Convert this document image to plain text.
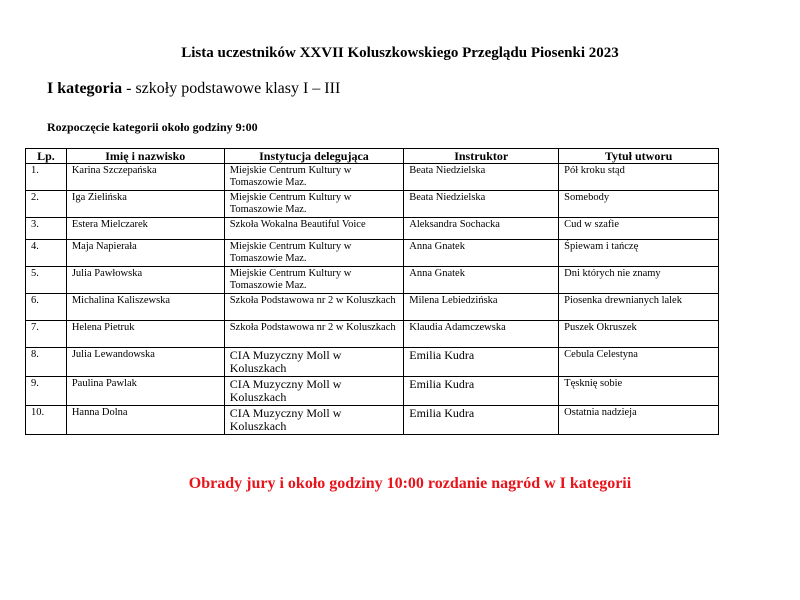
Lista uczestników XXVII Koluszkowskiego Przeglądu Piosenki 2023
I kategoria - szkoły podstawowe klasy I – III
Rozpoczęcie kategorii około godziny 9:00
Lp.	Imię i nazwisko	Instytucja delegująca	Instruktor	Tytuł utworu
1.	Karina Szczepańska	Miejskie Centrum Kultury w Tomaszowie Maz.	Beata Niedzielska	Pół kroku stąd
2.	Iga Zielińska	Miejskie Centrum Kultury w Tomaszowie Maz.	Beata Niedzielska	Somebody
3.	Estera Mielczarek	Szkoła Wokalna Beautiful Voice	Aleksandra Sochacka	Cud w szafie
4.	Maja Napierała	Miejskie Centrum Kultury w Tomaszowie Maz.	Anna Gnatek	Śpiewam i tańczę
5.	Julia Pawłowska	Miejskie Centrum Kultury w Tomaszowie Maz.	Anna Gnatek	Dni których nie znamy
6.	Michalina Kaliszewska	Szkoła Podstawowa nr 2 w Koluszkach	Milena Lebiedzińska	Piosenka drewnianych lalek
7.	Helena Pietruk	Szkoła Podstawowa nr 2 w Koluszkach	Klaudia Adamczewska	Puszek Okruszek
8.	Julia Lewandowska	CIA Muzyczny Moll w Koluszkach	Emilia Kudra	Cebula Celestyna
9.	Paulina Pawlak	CIA Muzyczny Moll w Koluszkach	Emilia Kudra	Tęsknię sobie
10.	Hanna Dolna	CIA Muzyczny Moll w Koluszkach	Emilia Kudra	Ostatnia nadzieja
Obrady jury i około godziny 10:00 rozdanie nagród w I kategorii
